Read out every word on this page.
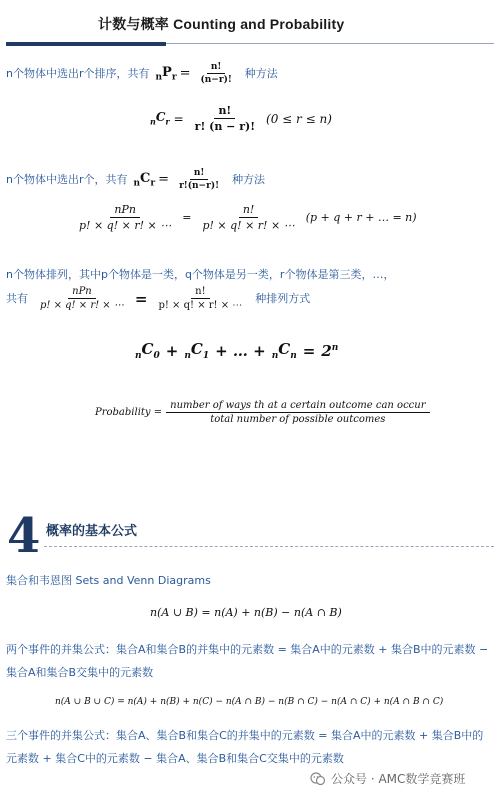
计数与概率 Counting and Probability
n个物体中选出r个排序，共有 $_nP_r = \frac{n!}{(n-r)!}$ 种方法
$_nC_r = \frac{n!}{r! (n - r)!} (0 \le r \le n)$
n个物体中选出r个，共有 $_nC_r = \frac{n!}{r!(n-r)!}$ 种方法
$\frac{\text{nPn}}{p! \times q! \times r! \times \cdots} = \frac{n!}{p! \times q! \times r! \times \cdots} (p + q + r$ + … = n)
n个物体排列，其中p个物体是一类，q个物体是另一类，r个物体是第三类，…，
共有 $\frac{\text{nPn}}{p! \times q! \times r! \times \cdots} = \frac{n!}{p! \times q! \times r! \times \cdots}$ 种排列方式
$_nC_0 + _nC_1$ + … + $_nC_n = 2^n$
Probability = $\frac{\text{number of ways th at a certain outcome can occur}}{\text{total number of possible outcomes}}$
4 概率的基本公式
集合和韦恩图 Sets and Venn Diagrams
n(A ∪ B) = n(A) + n(B) − n(A ∩ B)
两个事件的并集公式：集合A和集合B的并集中的元素数 = 集合A中的元素数 + 集合B中的元素数 −
集合A和集合B交集中的元素数
n(A ∪ B ∪ C) = n(A) + n(B) + n(C) − n(A ∩ B) − n(B ∩ C) − n(A ∩ C) + n(A ∩ B ∩ C)
三个事件的并集公式：集合A、集合B和集合C的并集中的元素数 = 集合A中的元素数 + 集合B中的
元素数 + 集合C中的元素数 − 集合A、集合B和集合C交集中的元素数
公众号 · AMC数学竞赛班
